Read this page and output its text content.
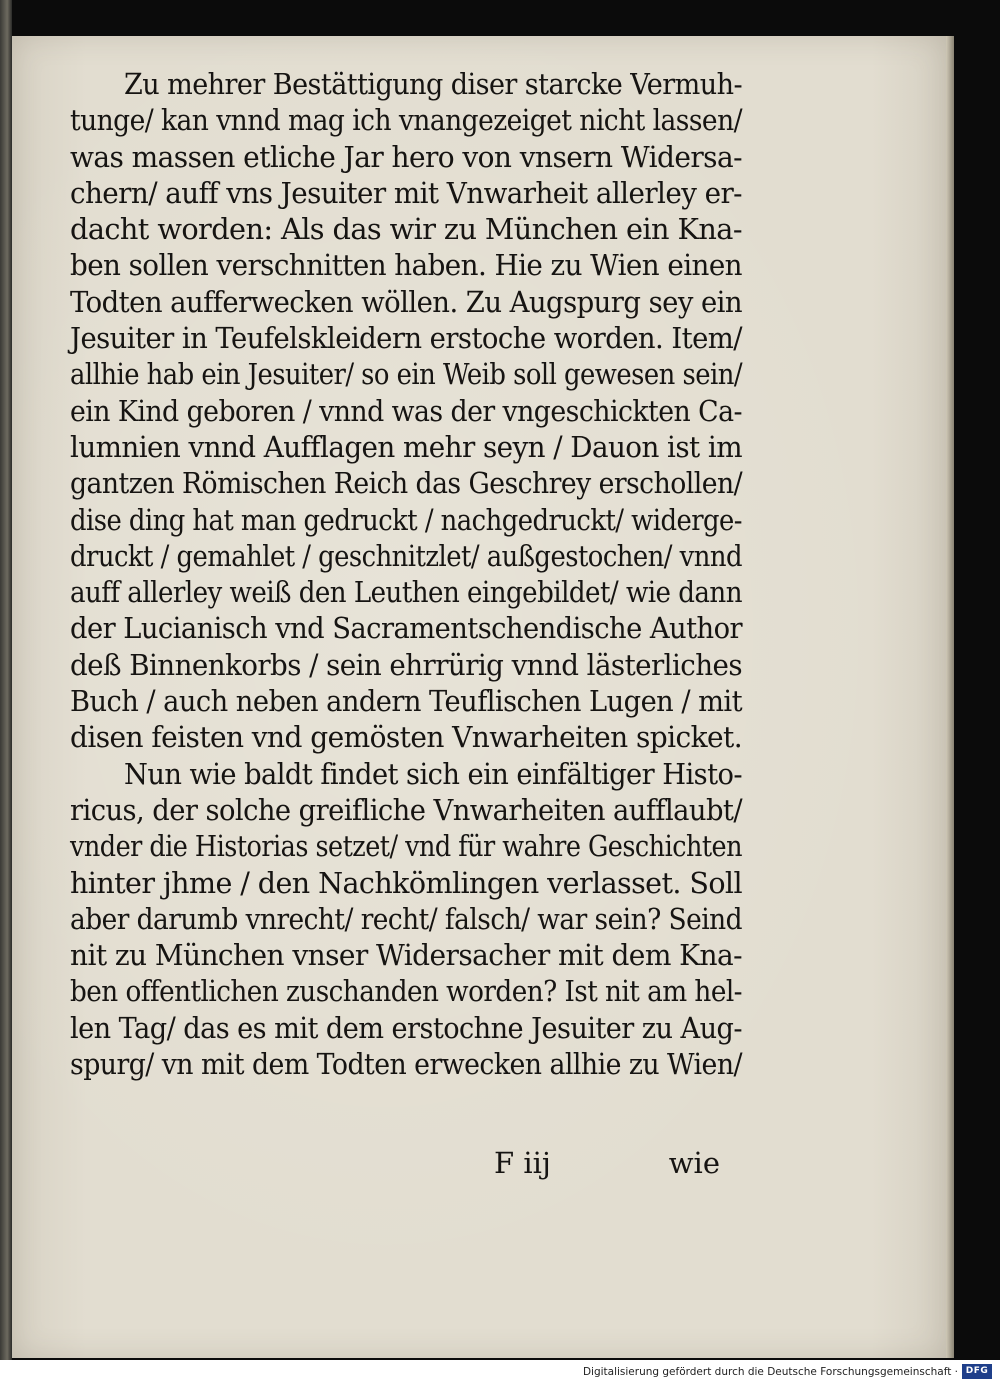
Zu mehrer Bestättigung diser starcke Vermuh-
tunge/ kan vnnd mag ich vnangezeiget nicht lassen/
was massen etliche Jar hero von vnsern Widersa-
chern/ auff vns Jesuiter mit Vnwarheit allerley er-
dacht worden: Als das wir zu München ein Kna-
ben sollen verschnitten haben. Hie zu Wien einen
Todten aufferwecken wöllen. Zu Augspurg sey ein
Jesuiter in Teufelskleidern erstoche worden. Item/
allhie hab ein Jesuiter/ so ein Weib soll gewesen sein/
ein Kind geboren / vnnd was der vngeschickten Ca-
lumnien vnnd Aufflagen mehr seyn / Dauon ist im
gantzen Römischen Reich das Geschrey erschollen/
dise ding hat man gedruckt / nachgedruckt/ widerge-
druckt / gemahlet / geschnitzlet/ außgestochen/ vnnd
auff allerley weiß den Leuthen eingebildet/ wie dann
der Lucianisch vnd Sacramentschendische Author
deß Binnenkorbs / sein ehrrürig vnnd lästerliches
Buch / auch neben andern Teuflischen Lugen / mit
disen feisten vnd gemösten Vnwarheiten spicket.
Nun wie baldt findet sich ein einfältiger Histo-
ricus, der solche greifliche Vnwarheiten aufflaubt/
vnder die Historias setzet/ vnd für wahre Geschichten
hinter jhme / den Nachkömlingen verlasset. Soll
aber darumb vnrecht/ recht/ falsch/ war sein? Seind
nit zu München vnser Widersacher mit dem Kna-
ben offentlichen zuschanden worden? Ist nit am hel-
len Tag/ das es mit dem erstochne Jesuiter zu Aug-
spurg/ vn mit dem Todten erwecken allhie zu Wien/
F iij	wie
Digitalisierung gefördert durch die Deutsche Forschungsgemeinschaft · DFG
